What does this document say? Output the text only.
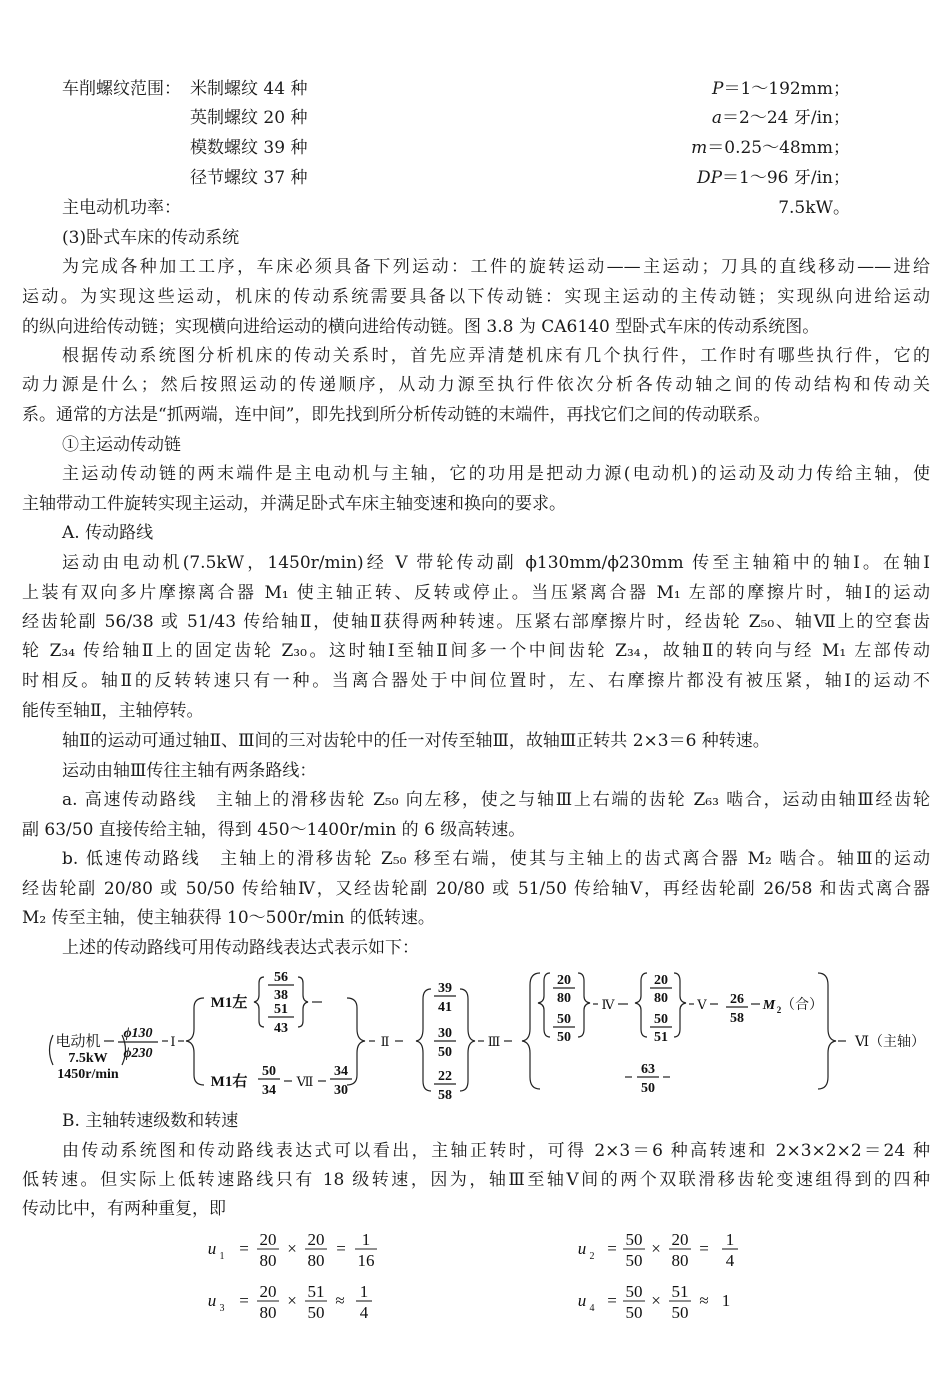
车削螺纹范围： 米制螺纹 44 种	P＝1～192mm；
英制螺纹 20 种	a＝2～24 牙/in；
模数螺纹 39 种	m＝0.25～48mm；
径节螺纹 37 种	DP＝1～96 牙/in；
主电动机功率：	7.5kW。
(3)卧式车床的传动系统
为完成各种加工工序，车床必须具备下列运动：工件的旋转运动——主运动；刀具的直线移动——进给
运动。为实现这些运动，机床的传动系统需要具备以下传动链：实现主运动的主传动链；实现纵向进给运动
的纵向进给传动链；实现横向进给运动的横向进给传动链。图 3.8 为 CA6140 型卧式车床的传动系统图。
根据传动系统图分析机床的传动关系时，首先应弄清楚机床有几个执行件，工作时有哪些执行件，它的
动力源是什么；然后按照运动的传递顺序，从动力源至执行件依次分析各传动轴之间的传动结构和传动关
系。通常的方法是“抓两端，连中间”，即先找到所分析传动链的末端件，再找它们之间的传动联系。
①主运动传动链
主运动传动链的两末端件是主电动机与主轴，它的功用是把动力源(电动机)的运动及动力传给主轴，使
主轴带动工件旋转实现主运动，并满足卧式车床主轴变速和换向的要求。
A. 传动路线
运动由电动机(7.5kW，1450r/min)经 V 带轮传动副 ϕ130mm/ϕ230mm 传至主轴箱中的轴Ⅰ。在轴Ⅰ
上装有双向多片摩擦离合器 M₁ 使主轴正转、反转或停止。当压紧离合器 M₁ 左部的摩擦片时，轴Ⅰ的运动
经齿轮副 56/38 或 51/43 传给轴Ⅱ，使轴Ⅱ获得两种转速。压紧右部摩擦片时，经齿轮 Z₅₀、轴Ⅶ上的空套齿
轮 Z₃₄ 传给轴Ⅱ上的固定齿轮 Z₃₀。这时轴Ⅰ至轴Ⅱ间多一个中间齿轮 Z₃₄，故轴Ⅱ的转向与经 M₁ 左部传动
时相反。轴Ⅱ的反转转速只有一种。当离合器处于中间位置时，左、右摩擦片都没有被压紧，轴Ⅰ的运动不
能传至轴Ⅱ，主轴停转。
轴Ⅱ的运动可通过轴Ⅱ、Ⅲ间的三对齿轮中的任一对传至轴Ⅲ，故轴Ⅲ正转共 2×3＝6 种转速。
运动由轴Ⅲ传往主轴有两条路线：
a. 高速传动路线　主轴上的滑移齿轮 Z₅₀ 向左移，使之与轴Ⅲ上右端的齿轮 Z₆₃ 啮合，运动由轴Ⅲ经齿轮
副 63/50 直接传给主轴，得到 450～1400r/min 的 6 级高转速。
b. 低速传动路线　主轴上的滑移齿轮 Z₅₀ 移至右端，使其与主轴上的齿式离合器 M₂ 啮合。轴Ⅲ的运动
经齿轮副 20/80 或 50/50 传给轴Ⅳ，又经齿轮副 20/80 或 51/50 传给轴Ⅴ，再经齿轮副 26/58 和齿式离合器
M₂ 传至主轴，使主轴获得 10～500r/min 的低转速。
上述的传动路线可用传动路线表达式表示如下：
电动机
7.5kW
1450r/min
ϕ130
ϕ230
Ⅰ
M1左
56
38
51
43
M1右
50
34
Ⅶ
34
30
Ⅱ
39
41
30
50
22
58
Ⅲ
20
80
50
50
Ⅳ
20
80
50
51
Ⅴ 26
58
M 2 （合）
63
50
Ⅵ（主轴）
B. 主轴转速级数和转速
由传动系统图和传动路线表达式可以看出，主轴正转时，可得 2×3＝6 种高转速和 2×3×2×2＝24 种
低转速。但实际上低转速路线只有 18 级转速，因为，轴Ⅲ至轴Ⅴ间的两个双联滑移齿轮变速组得到的四种
传动比中，有两种重复，即
u 1 = 20
80
× 20
80
= 1
16
u 2 = 50
50
× 20
80
= 1
4
u 3 = 20
80
× 51
50
≈ 1
4
u 4 = 50
50
× 51
50
≈ 1
